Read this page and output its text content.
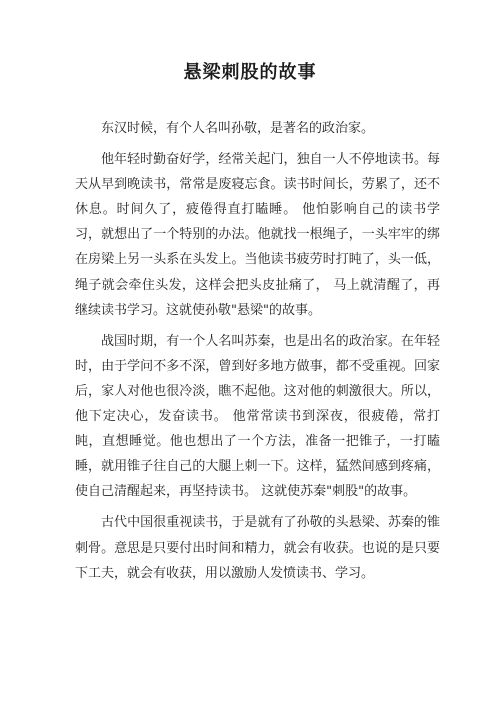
悬梁刺股的故事

东汉时候，有个人名叫孙敬，是著名的政治家。

他年轻时勤奋好学，经常关起门，独自一人不停地读书。每天从早到晚读书，常常是废寝忘食。读书时间长，劳累了，还不休息。时间久了，疲倦得直打瞌睡。 他怕影响自己的读书学习，就想出了一个特别的办法。他就找一根绳子，一头牢牢的绑在房梁上另一头系在头发上。当他读书疲劳时打盹了，头一低，绳子就会牵住头发，这样会把头皮扯痛了， 马上就清醒了，再继续读书学习。这就使孙敬"悬梁"的故事。

战国时期，有一个人名叫苏秦，也是出名的政治家。在年轻时，由于学问不多不深，曾到好多地方做事，都不受重视。回家后，家人对他也很冷淡，瞧不起他。这对他的刺激很大。所以，他下定决心，发奋读书。 他常常读书到深夜，很疲倦，常打盹，直想睡觉。他也想出了一个方法，准备一把锥子，一打瞌睡，就用锥子往自己的大腿上刺一下。这样，猛然间感到疼痛，使自己清醒起来，再坚持读书。 这就使苏秦"刺股"的故事。

古代中国很重视读书，于是就有了孙敬的头悬梁、苏秦的锥刺骨。意思是只要付出时间和精力，就会有收获。也说的是只要下工夫，就会有收获，用以激励人发愤读书、学习。
